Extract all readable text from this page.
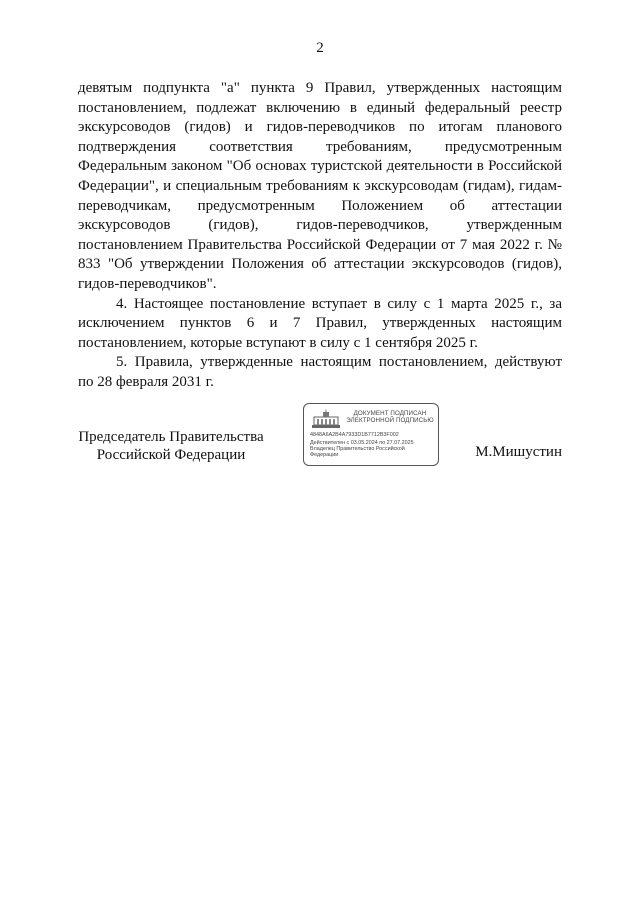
2

девятым подпункта "а" пункта 9 Правил, утвержденных настоящим постановлением, подлежат включению в единый федеральный реестр экскурсоводов (гидов) и гидов-переводчиков по итогам планового подтверждения соответствия требованиям, предусмотренным Федеральным законом "Об основах туристской деятельности в Российской Федерации", и специальным требованиям к экскурсоводам (гидам), гидам-переводчикам, предусмотренным Положением об аттестации экскурсоводов (гидов), гидов-переводчиков, утвержденным постановлением Правительства Российской Федерации от 7 мая 2022 г. № 833 "Об утверждении Положения об аттестации экскурсоводов (гидов), гидов-переводчиков".

4. Настоящее постановление вступает в силу с 1 марта 2025 г., за исключением пунктов 6 и 7 Правил, утвержденных настоящим постановлением, которые вступают в силу с 1 сентября 2025 г.

5. Правила, утвержденные настоящим постановлением, действуют по 28 февраля 2031 г.

Председатель Правительства
Российской Федерации
ДОКУМЕНТ ПОДПИСАН
ЭЛЕКТРОННОЙ ПОДПИСЬЮ
4848A6A2B4A7933D1B7712B3F002
Действителен с 03.05.2024 по 27.07.2025
Владелец Правительство Российской
Федерации	М.Мишустин
